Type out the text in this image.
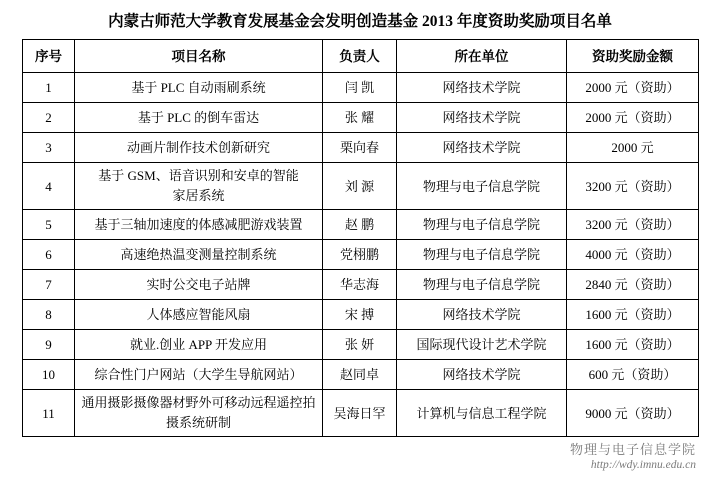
内蒙古师范大学教育发展基金会发明创造基金 2013 年度资助奖励项目名单
序号	项目名称	负责人	所在单位	资助奖励金额
1	基于 PLC 自动雨刷系统	闫 凯	网络技术学院	2000 元（资助）
2	基于 PLC 的倒车雷达	张 耀	网络技术学院	2000 元（资助）
3	动画片制作技术创新研究	栗向春	网络技术学院	2000 元
4	基于 GSM、语音识别和安卓的智能
家居系统	刘 源	物理与电子信息学院	3200 元（资助）
5	基于三轴加速度的体感减肥游戏装置	赵 鹏	物理与电子信息学院	3200 元（资助）
6	高速绝热温变测量控制系统	党栩鹏	物理与电子信息学院	4000 元（资助）
7	实时公交电子站牌	华志海	物理与电子信息学院	2840 元（资助）
8	人体感应智能风扇	宋 搏	网络技术学院	1600 元（资助）
9	就业.创业 APP 开发应用	张 妍	国际现代设计艺术学院	1600 元（资助）
10	综合性门户网站（大学生导航网站）	赵同卓	网络技术学院	600 元（资助）
11	通用摄影摄像器材野外可移动远程遥控拍
摄系统研制	吴海日罕	计算机与信息工程学院	9000 元（资助）
物理与电子信息学院
http://wdy.imnu.edu.cn
